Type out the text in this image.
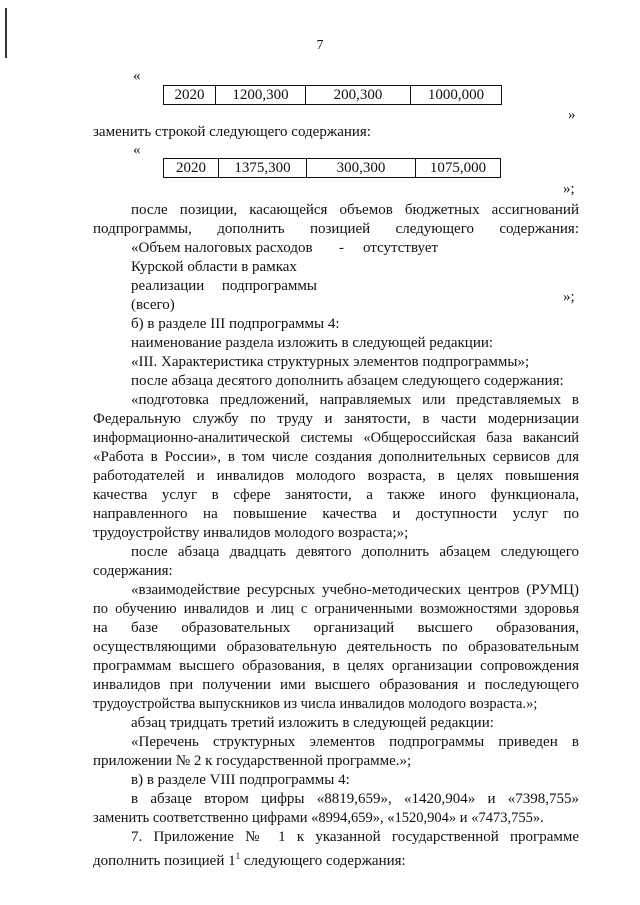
7
«
2020	1200,300	200,300	1000,000
»
заменить строкой следующего содержания:
«
2020	1375,300	300,300	1075,000
»;
после позиции, касающейся объемов бюджетных ассигнований
подпрограммы, дополнить позицией следующего содержания:
«Объем налоговых расходов - отсутствует
Курской области в рамках
реализации подпрограммы
(всего)	»;
б) в разделе III подпрограммы 4:
наименование раздела изложить в следующей редакции:
«III. Характеристика структурных элементов подпрограммы»;
после абзаца десятого дополнить абзацем следующего содержания:
«подготовка предложений, направляемых или представляемых в
Федеральную службу по труду и занятости, в части модернизации
информационно-аналитической системы «Общероссийская база вакансий
«Работа в России», в том числе создания дополнительных сервисов для
работодателей и инвалидов молодого возраста, в целях повышения
качества услуг в сфере занятости, а также иного функционала,
направленного на повышение качества и доступности услуг по
трудоустройству инвалидов молодого возраста;»;
после абзаца двадцать девятого дополнить абзацем следующего
содержания:
«взаимодействие ресурсных учебно-методических центров (РУМЦ)
по обучению инвалидов и лиц с ограниченными возможностями здоровья
на базе образовательных организаций высшего образования,
осуществляющими образовательную деятельность по образовательным
программам высшего образования, в целях организации сопровождения
инвалидов при получении ими высшего образования и последующего
трудоустройства выпускников из числа инвалидов молодого возраста.»;
абзац тридцать третий изложить в следующей редакции:
«Перечень структурных элементов подпрограммы приведен в
приложении № 2 к государственной программе.»;
в) в разделе VIII подпрограммы 4:
в абзаце втором цифры «8819,659», «1420,904» и «7398,755»
заменить соответственно цифрами «8994,659», «1520,904» и «7473,755».
7. Приложение № 1 к указанной государственной программе
дополнить позицией $1^1$ следующего содержания:
